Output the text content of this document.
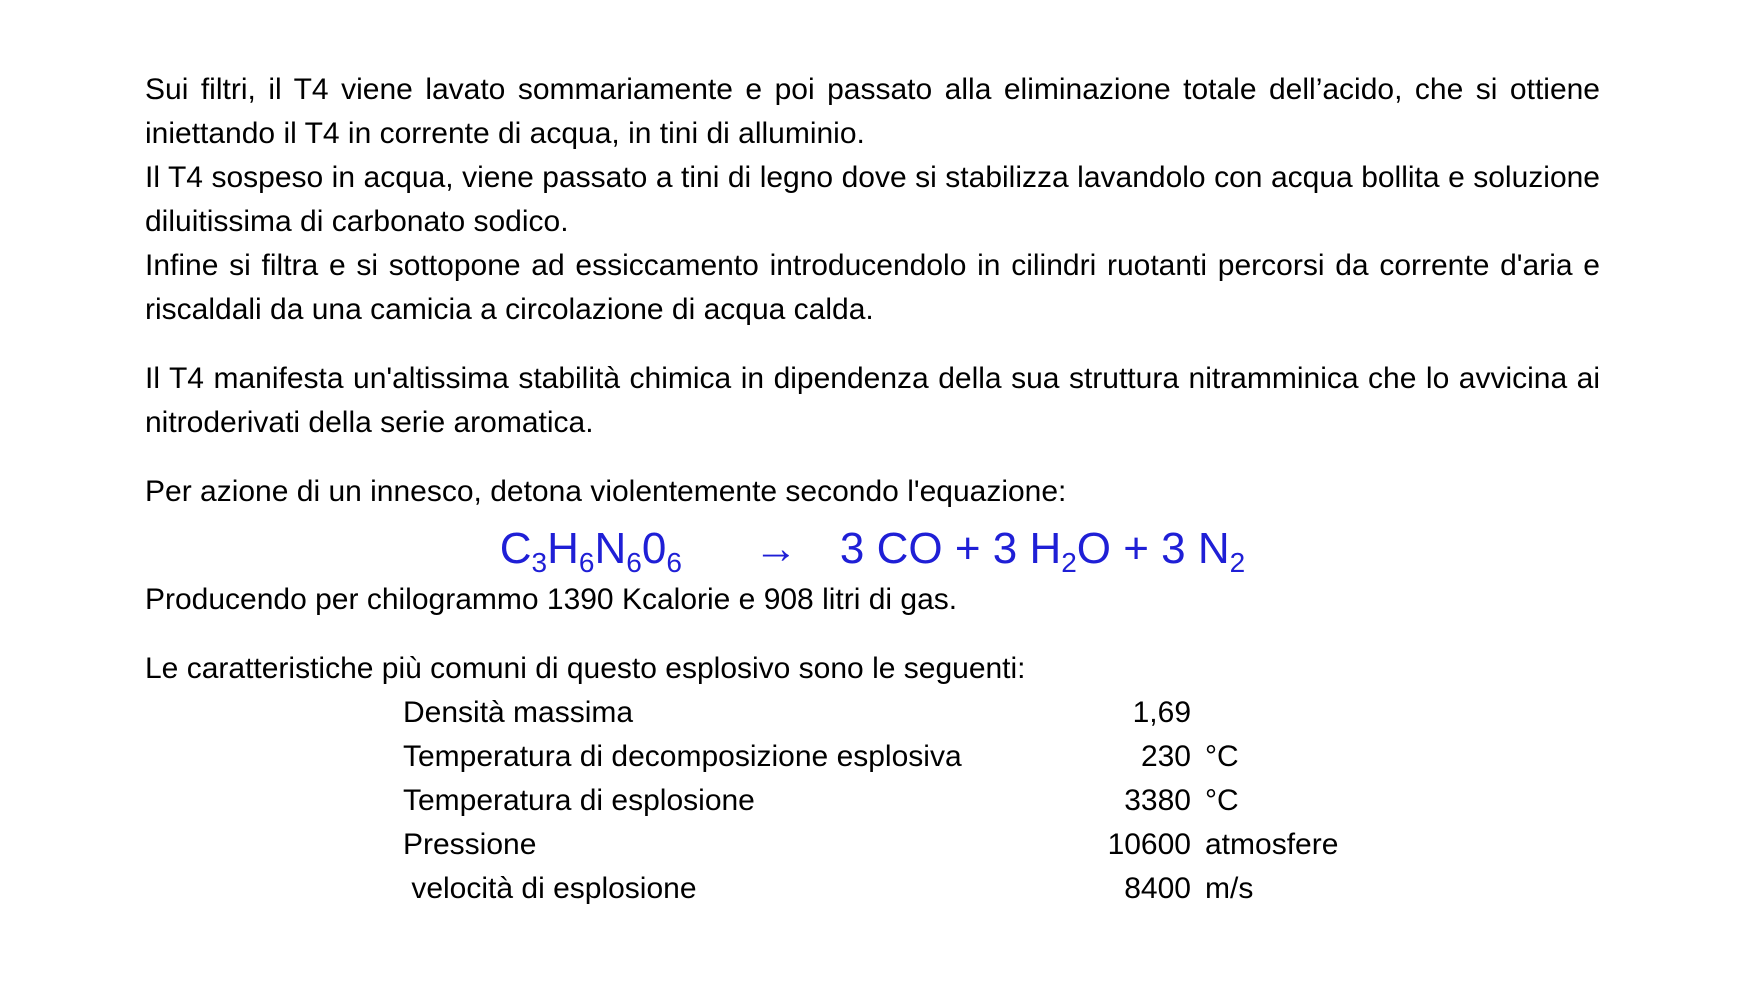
Sui filtri, il T4 viene lavato sommariamente e poi passato alla eliminazione totale dell’acido, che si ottiene iniettando il T4 in corrente di acqua, in tini di alluminio.

Il T4 sospeso in acqua, viene passato a tini di legno dove si stabilizza lavandolo con acqua bollita e soluzione diluitissima di carbonato sodico.

Infine si filtra e si sottopone ad essiccamento introducendolo in cilindri ruotanti percorsi da corrente d'aria e riscaldali da una camicia a circolazione di acqua calda.

Il T4 manifesta un'altissima stabilità chimica in dipendenza della sua struttura nitramminica che lo avvicina ai nitroderivati della serie aromatica.

Per azione di un innesco, detona violentemente secondo l'equazione:

$C_3H_6N_60_6 \to 3$ CO + 3 $H_2O + 3$ $N_2$

Producendo per chilogrammo 1390 Kcalorie e 908 litri di gas.

Le caratteristiche più comuni di questo esplosivo sono le seguenti:

Densità massima	1,69
Temperatura di decomposizione esplosiva	230 °C
Temperatura di esplosione	3380 °C
Pressione	10600 atmosfere
velocità di esplosione	8400 m/s
